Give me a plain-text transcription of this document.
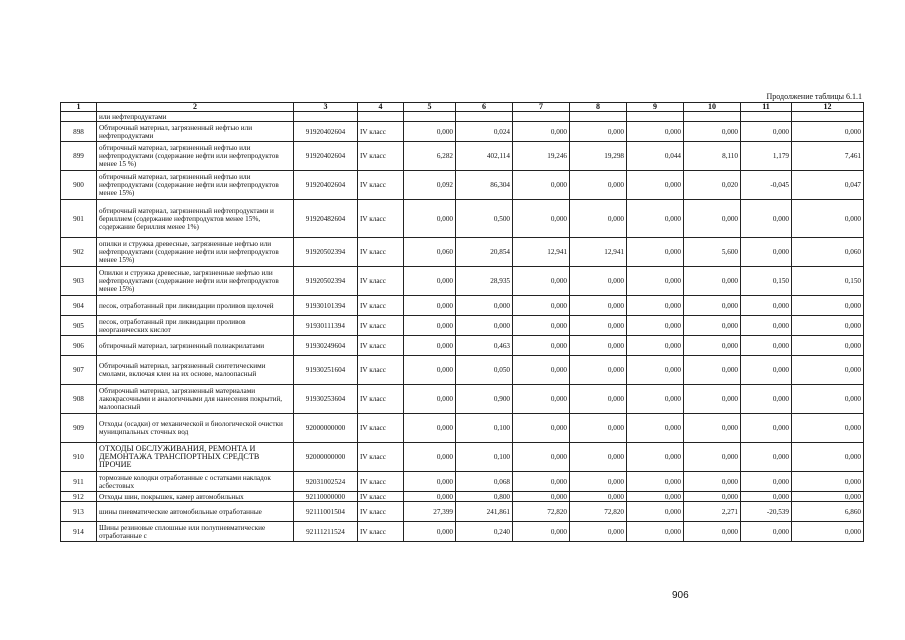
Продолжение таблицы 6.1.1
1	2	3	4	5	6	7	8	9	10	11	12
	или нефтепродуктами										
898	Обтирочный материал, загрязненный нефтью или нефтепродуктами	91920402604	IV класс	0,000	0,024	0,000	0,000	0,000	0,000	0,000	0,000
899	обтирочный материал, загрязненный нефтью или нефтепродуктами (содержание нефти или нефтепродуктов менее 15 %)	91920402604	IV класс	6,282	402,114	19,246	19,298	0,044	8,110	1,179	7,461
900	обтирочный материал, загрязненный нефтью или нефтепродуктами (содержание нефти или нефтепродуктов менее 15%)	91920402604	IV класс	0,092	86,304	0,000	0,000	0,000	0,020	-0,045	0,047
901	обтирочный материал, загрязненный нефтепродуктами и бериллием (содержание нефтепродуктов менее 15%, содержание бериллия менее 1%)	91920482604	IV класс	0,000	0,500	0,000	0,000	0,000	0,000	0,000	0,000
902	опилки и стружка древесные, загрязненные нефтью или нефтепродуктами (содержание нефти или нефтепродуктов менее 15%)	91920502394	IV класс	0,060	20,854	12,941	12,941	0,000	5,600	0,000	0,060
903	Опилки и стружка древесные, загрязненные нефтью или нефтепродуктами (содержание нефти или нефтепродуктов менее 15%)	91920502394	IV класс	0,000	28,935	0,000	0,000	0,000	0,000	0,150	0,150
904	песок, отработанный при ликвидации проливов щелочей	91930101394	IV класс	0,000	0,000	0,000	0,000	0,000	0,000	0,000	0,000
905	песок, отработанный при ликвидации проливов неорганических кислот	91930111394	IV класс	0,000	0,000	0,000	0,000	0,000	0,000	0,000	0,000
906	обтирочный материал, загрязненный полиакрилатами	91930249604	IV класс	0,000	0,463	0,000	0,000	0,000	0,000	0,000	0,000
907	Обтирочный материал, загрязненный синтетическими смолами, включая клеи на их основе, малоопасный	91930251604	IV класс	0,000	0,050	0,000	0,000	0,000	0,000	0,000	0,000
908	Обтирочный материал, загрязненный материалами лакокрасочными и аналогичными для нанесения покрытий, малоопасный	91930253604	IV класс	0,000	0,900	0,000	0,000	0,000	0,000	0,000	0,000
909	Отходы (осадки) от механической и биологической очистки муниципальных сточных вод	92000000000	IV класс	0,000	0,100	0,000	0,000	0,000	0,000	0,000	0,000
910	ОТХОДЫ ОБСЛУЖИВАНИЯ, РЕМОНТА И ДЕМОНТАЖА ТРАНСПОРТНЫХ СРЕДСТВ ПРОЧИЕ	92000000000	IV класс	0,000	0,100	0,000	0,000	0,000	0,000	0,000	0,000
911	тормозные колодки отработанные с остатками накладок асбестовых	92031002524	IV класс	0,000	0,068	0,000	0,000	0,000	0,000	0,000	0,000
912	Отходы шин, покрышек, камер автомобильных	92110000000	IV класс	0,000	0,800	0,000	0,000	0,000	0,000	0,000	0,000
913	шины пневматические автомобильные отработанные	92111001504	IV класс	27,399	241,861	72,820	72,820	0,000	2,271	-20,539	6,860
914	Шины резиновые сплошные или полупневматические отработанные с	92111211524	IV класс	0,000	0,240	0,000	0,000	0,000	0,000	0,000	0,000
906
